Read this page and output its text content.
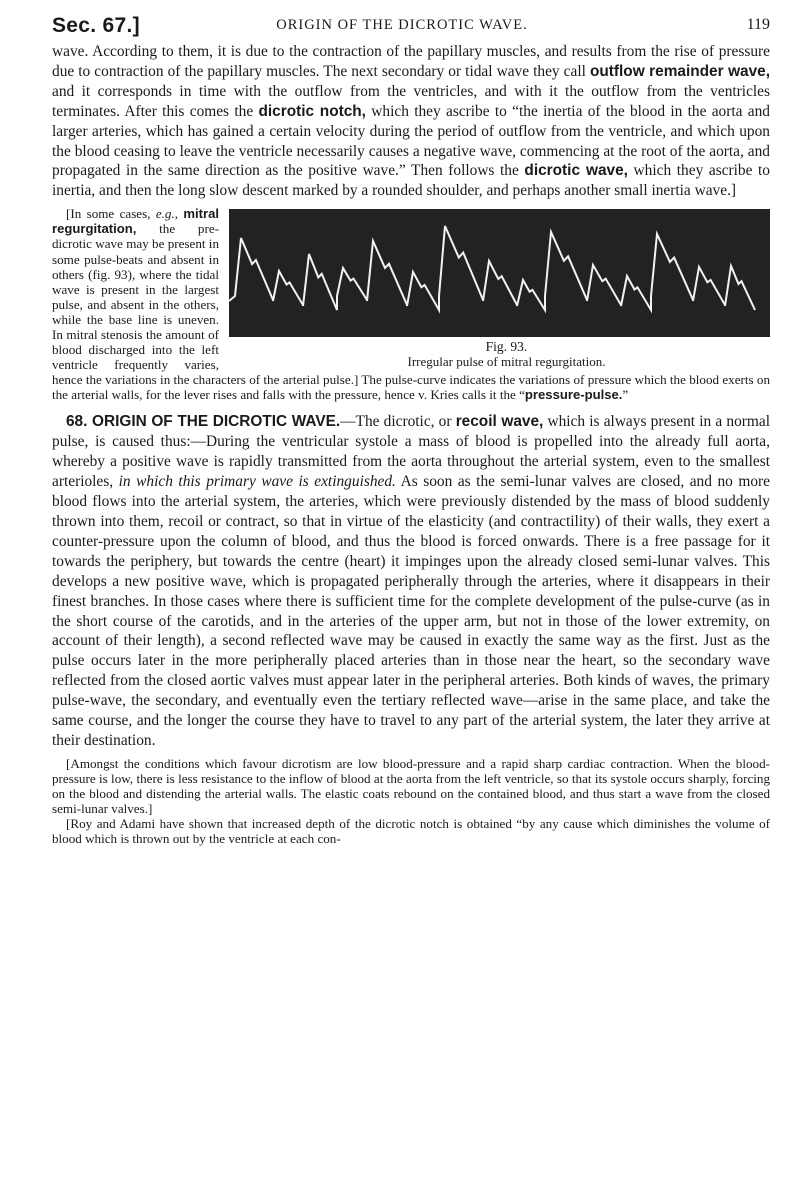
Sec. 67.]	ORIGIN OF THE DICROTIC WAVE.	119

wave. According to them, it is due to the contraction of the papillary muscles, and results from the rise of pressure due to contraction of the papillary muscles. The next secondary or tidal wave they call outflow remainder wave, and it corresponds in time with the outflow from the ventricles, and with it the outflow from the ventricles terminates. After this comes the dicrotic notch, which they ascribe to “the inertia of the blood in the aorta and larger arteries, which has gained a certain velocity during the period of outflow from the ventricle, and which upon the blood ceasing to leave the ventricle necessarily causes a negative wave, commencing at the root of the aorta, and propagated in the same direction as the positive wave.” Then follows the dicrotic wave, which they ascribe to inertia, and then the long slow descent marked by a rounded shoulder, and perhaps another small inertia wave.]

Fig. 93.
Irregular pulse of mitral regurgitation.
[In some cases, e.g., mitral regurgitation, the pre-dicrotic wave may be present in some pulse-beats and absent in others (fig. 93), where the tidal wave is present in the largest pulse, and absent in the others, while the base line is uneven. In mitral stenosis the amount of blood discharged into the left ventricle frequently varies, hence the variations in the characters of the arterial pulse.] The pulse-curve indicates the variations of pressure which the blood exerts on the arterial walls, for the lever rises and falls with the pressure, hence v. Kries calls it the “pressure-pulse.”

68. ORIGIN OF THE DICROTIC WAVE.—The dicrotic, or recoil wave, which is always present in a normal pulse, is caused thus:—During the ventricular systole a mass of blood is propelled into the already full aorta, whereby a positive wave is rapidly transmitted from the aorta throughout the arterial system, even to the smallest arterioles, in which this primary wave is extinguished. As soon as the semi-lunar valves are closed, and no more blood flows into the arterial system, the arteries, which were previously distended by the mass of blood suddenly thrown into them, recoil or contract, so that in virtue of the elasticity (and contractility) of their walls, they exert a counter-pressure upon the column of blood, and thus the blood is forced onwards. There is a free passage for it towards the periphery, but towards the centre (heart) it impinges upon the already closed semi-lunar valves. This develops a new positive wave, which is propagated peripherally through the arteries, where it disappears in their finest branches. In those cases where there is sufficient time for the complete development of the pulse-curve (as in the short course of the carotids, and in the arteries of the upper arm, but not in those of the lower extremity, on account of their length), a second reflected wave may be caused in exactly the same way as the first. Just as the pulse occurs later in the more peripherally placed arteries than in those near the heart, so the secondary wave reflected from the closed aortic valves must appear later in the peripheral arteries. Both kinds of waves, the primary pulse-wave, the secondary, and eventually even the tertiary reflected wave—arise in the same place, and take the same course, and the longer the course they have to travel to any part of the arterial system, the later they arrive at their destination.

[Amongst the conditions which favour dicrotism are low blood-pressure and a rapid sharp cardiac contraction. When the blood-pressure is low, there is less resistance to the inflow of blood at the aorta from the left ventricle, so that its systole occurs sharply, forcing on the blood and distending the arterial walls. The elastic coats rebound on the contained blood, and thus start a wave from the closed semi-lunar valves.]

[Roy and Adami have shown that increased depth of the dicrotic notch is obtained “by any cause which diminishes the volume of blood which is thrown out by the ventricle at each con-
